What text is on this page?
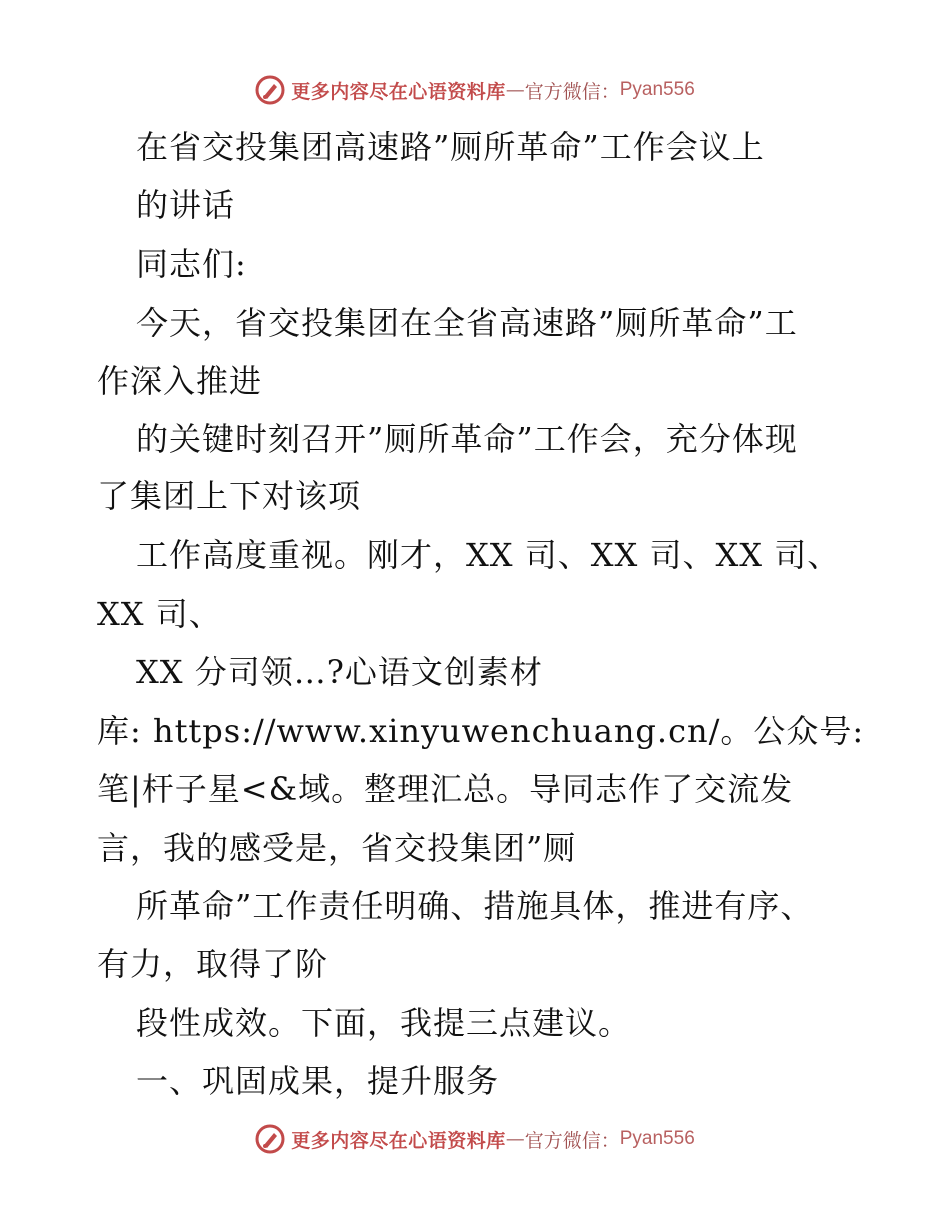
更多内容尽在心语资料库 — 官方微信： Pyan556
在省交投集团高速路”厕所革命”工作会议上
的讲话
同志们:
今天，省交投集团在全省高速路”厕所革命”工
作深入推进
的关键时刻召开”厕所革命”工作会，充分体现
了集团上下对该项
工作高度重视。刚才，XX 司、XX 司、XX 司、
XX 司、
XX 分司领…?心语文创素材
库: https://www.xinyuwenchuang.cn/。公众号:
笔|杆子星<&域。整理汇总。导同志作了交流发
言，我的感受是，省交投集团”厕
所革命”工作责任明确、措施具体，推进有序、
有力，取得了阶
段性成效。下面，我提三点建议。
一、巩固成果，提升服务
更多内容尽在心语资料库 — 官方微信： Pyan556
